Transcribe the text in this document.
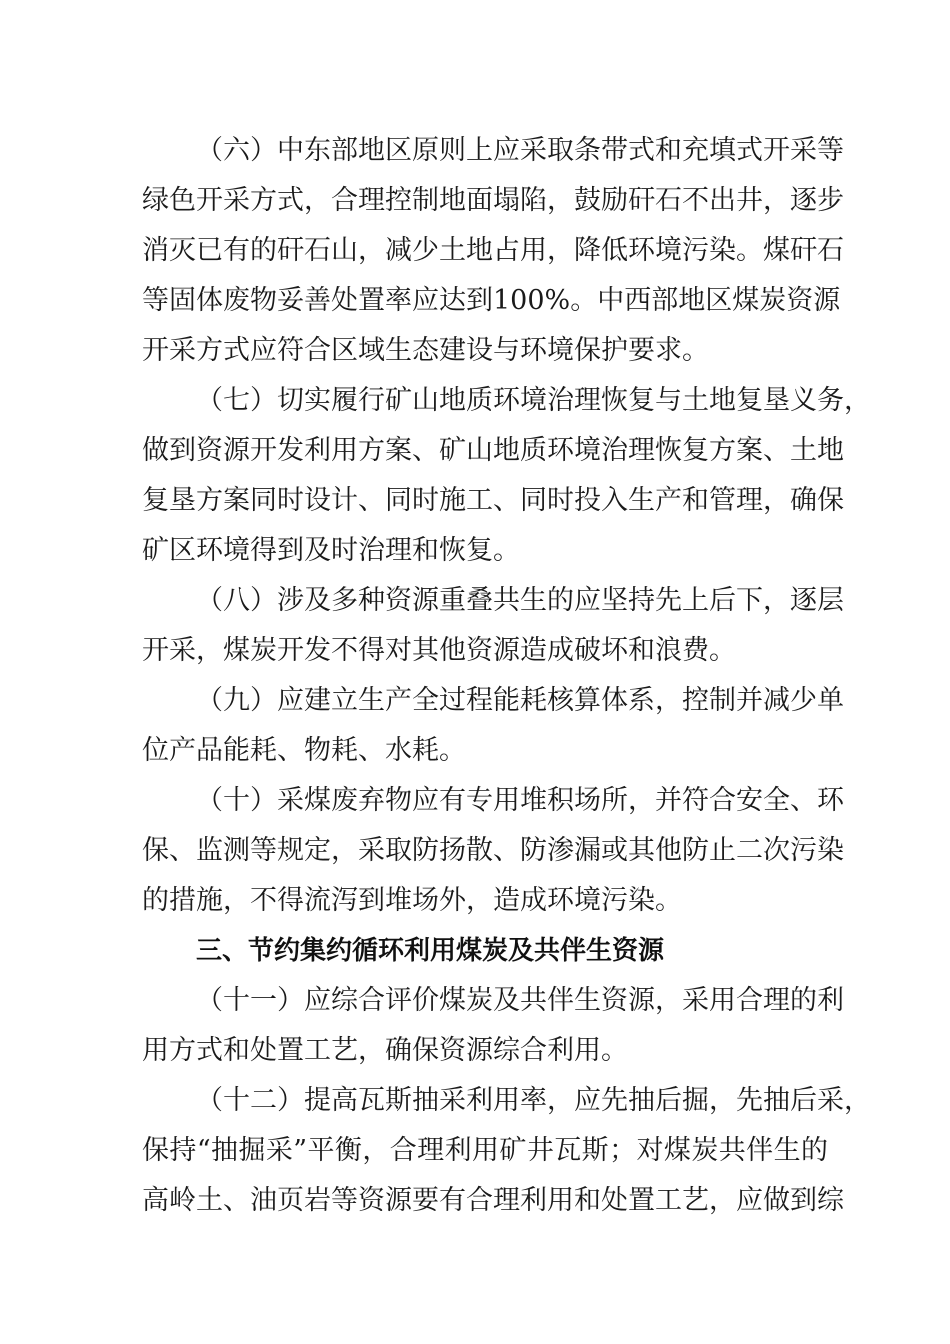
（六）中东部地区原则上应采取条带式和充填式开采等
绿色开采方式，合理控制地面塌陷，鼓励矸石不出井，逐步
消灭已有的矸石山，减少土地占用，降低环境污染。煤矸石
等固体废物妥善处置率应达到100%。中西部地区煤炭资源
开采方式应符合区域生态建设与环境保护要求。
（七）切实履行矿山地质环境治理恢复与土地复垦义务，
做到资源开发利用方案、矿山地质环境治理恢复方案、土地
复垦方案同时设计、同时施工、同时投入生产和管理，确保
矿区环境得到及时治理和恢复。
（八）涉及多种资源重叠共生的应坚持先上后下，逐层
开采，煤炭开发不得对其他资源造成破坏和浪费。
（九）应建立生产全过程能耗核算体系，控制并减少单
位产品能耗、物耗、水耗。
（十）采煤废弃物应有专用堆积场所，并符合安全、环
保、监测等规定，采取防扬散、防渗漏或其他防止二次污染
的措施，不得流泻到堆场外，造成环境污染。
三、节约集约循环利用煤炭及共伴生资源
（十一）应综合评价煤炭及共伴生资源，采用合理的利
用方式和处置工艺，确保资源综合利用。
（十二）提高瓦斯抽采利用率，应先抽后掘，先抽后采，
保持“抽掘采”平衡，合理利用矿井瓦斯；对煤炭共伴生的
高岭土、油页岩等资源要有合理利用和处置工艺，应做到综
